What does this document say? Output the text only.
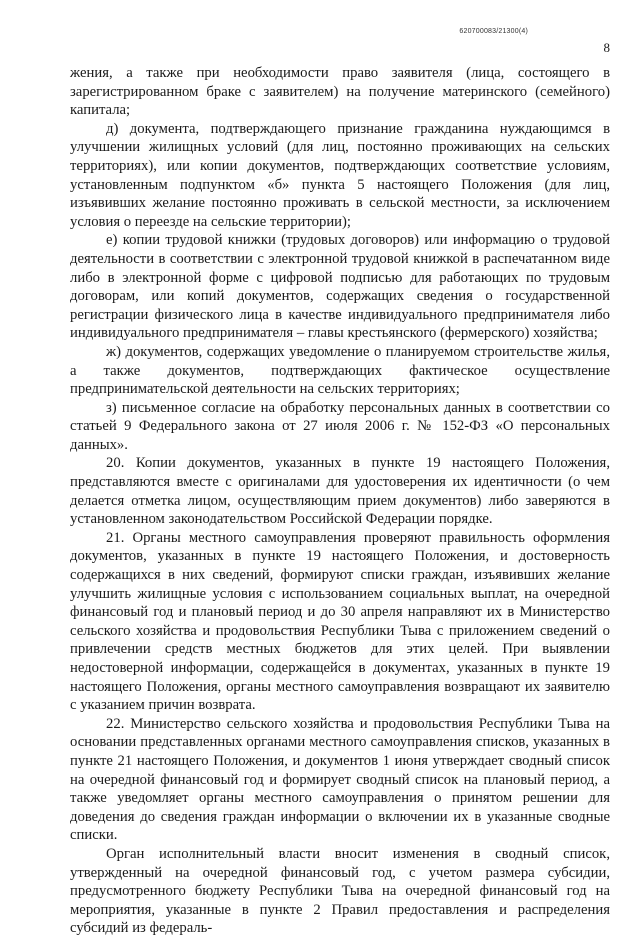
620700083/21300(4)
8

жения, а также при необходимости право заявителя (лица, состоящего в зарегистрированном браке с заявителем) на получение материнского (семейного) капитала;

д) документа, подтверждающего признание гражданина нуждающимся в улучшении жилищных условий (для лиц, постоянно проживающих на сельских территориях), или копии документов, подтверждающих соответствие условиям, установленным подпунктом «б» пункта 5 настоящего Положения (для лиц, изъявивших желание постоянно проживать в сельской местности, за исключением условия о переезде на сельские территории);

е) копии трудовой книжки (трудовых договоров) или информацию о трудовой деятельности в соответствии с электронной трудовой книжкой в распечатанном виде либо в электронной форме с цифровой подписью для работающих по трудовым договорам, или копий документов, содержащих сведения о государственной регистрации физического лица в качестве индивидуального предпринимателя либо индивидуального предпринимателя – главы крестьянского (фермерского) хозяйства;

ж) документов, содержащих уведомление о планируемом строительстве жилья, а также документов, подтверждающих фактическое осуществление предпринимательской деятельности на сельских территориях;

з) письменное согласие на обработку персональных данных в соответствии со статьей 9 Федерального закона от 27 июля 2006 г. № 152-ФЗ «О персональных данных».

20. Копии документов, указанных в пункте 19 настоящего Положения, представляются вместе с оригиналами для удостоверения их идентичности (о чем делается отметка лицом, осуществляющим прием документов) либо заверяются в установленном законодательством Российской Федерации порядке.

21. Органы местного самоуправления проверяют правильность оформления документов, указанных в пункте 19 настоящего Положения, и достоверность содержащихся в них сведений, формируют списки граждан, изъявивших желание улучшить жилищные условия с использованием социальных выплат, на очередной финансовый год и плановый период и до 30 апреля направляют их в Министерство сельского хозяйства и продовольствия Республики Тыва с приложением сведений о привлечении средств местных бюджетов для этих целей. При выявлении недостоверной информации, содержащейся в документах, указанных в пункте 19 настоящего Положения, органы местного самоуправления возвращают их заявителю с указанием причин возврата.

22. Министерство сельского хозяйства и продовольствия Республики Тыва на основании представленных органами местного самоуправления списков, указанных в пункте 21 настоящего Положения, и документов 1 июня утверждает сводный список на очередной финансовый год и формирует сводный список на плановый период, а также уведомляет органы местного самоуправления о принятом решении для доведения до сведения граждан информации о включении их в указанные сводные списки.

Орган исполнительный власти вносит изменения в сводный список, утвержденный на очередной финансовый год, с учетом размера субсидии, предусмотренного бюджету Республики Тыва на очередной финансовый год на мероприятия, указанные в пункте 2 Правил предоставления и распределения субсидий из федераль-
